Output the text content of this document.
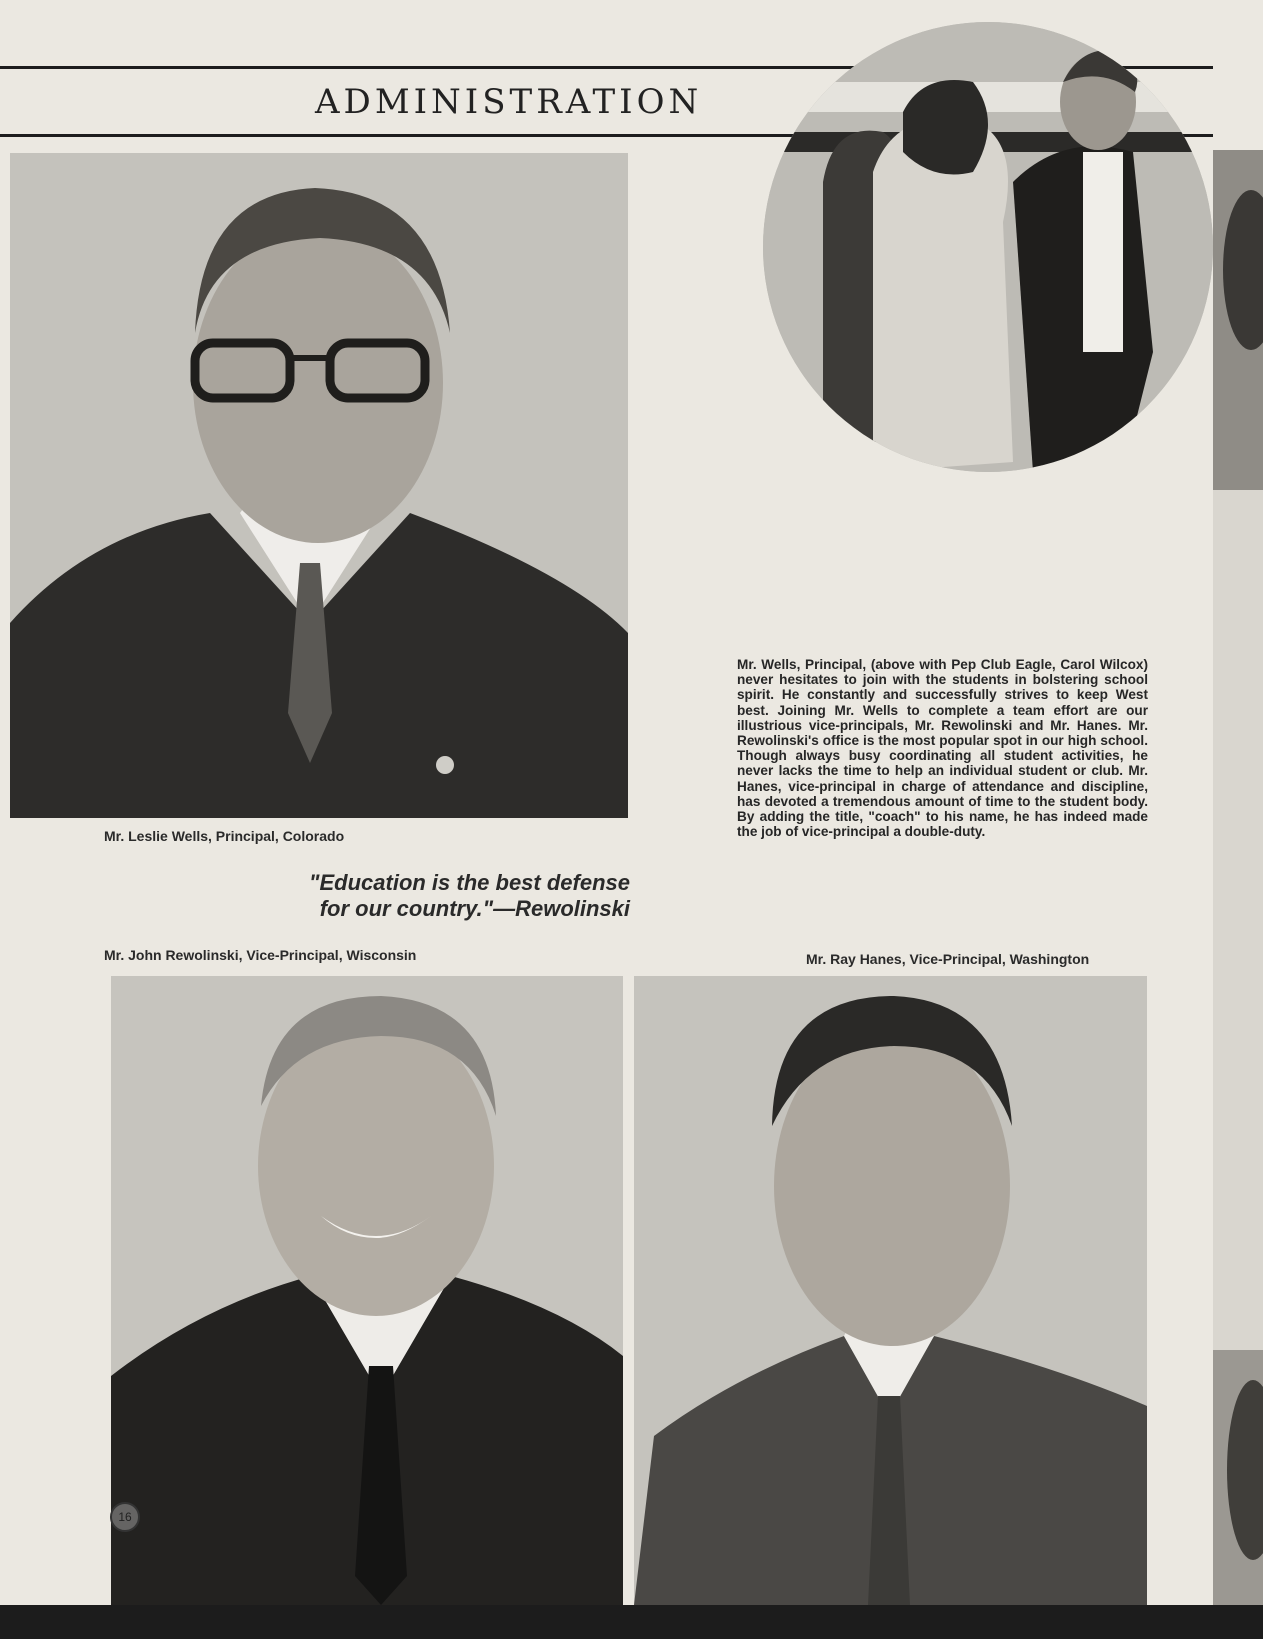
ADMINISTRATION
Mr. Leslie Wells, Principal, Colorado
Mr. Wells, Principal, (above with Pep Club Eagle, Carol Wilcox) never hesitates to join with the students in bolstering school spirit. He constantly and successfully strives to keep West best. Joining Mr. Wells to complete a team effort are our illustrious vice-principals, Mr. Rewolinski and Mr. Hanes. Mr. Rewolinski's office is the most popular spot in our high school. Though always busy coordinating all student activities, he never lacks the time to help an individual student or club. Mr. Hanes, vice-principal in charge of attendance and discipline, has devoted a tremendous amount of time to the student body. By adding the title, "coach" to his name, he has indeed made the job of vice-principal a double-duty.
"Education is the best defense
for our country."—Rewolinski
Mr. John Rewolinski, Vice-Principal, Wisconsin	Mr. Ray Hanes, Vice-Principal, Washington
16
